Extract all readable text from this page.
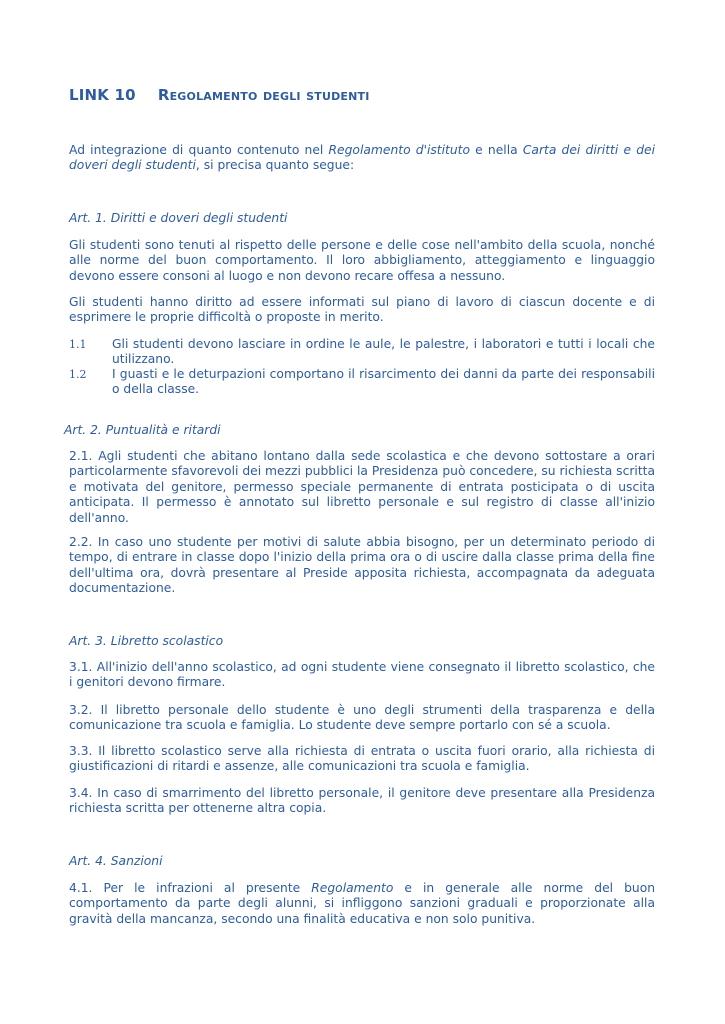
LINK 10 Regolamento degli studenti

Ad integrazione di quanto contenuto nel Regolamento d'istituto e nella Carta dei diritti e dei doveri degli studenti, si precisa quanto segue:

Art. 1. Diritti e doveri degli studenti

Gli studenti sono tenuti al rispetto delle persone e delle cose nell'ambito della scuola, nonché alle norme del buon comportamento. Il loro abbigliamento, atteggiamento e linguaggio devono essere consoni al luogo e non devono recare offesa a nessuno.

Gli studenti hanno diritto ad essere informati sul piano di lavoro di ciascun docente e di esprimere le proprie difficoltà o proposte in merito.

1.1 Gli studenti devono lasciare in ordine le aule, le palestre, i laboratori e tutti i locali che utilizzano.
1.2 I guasti e le deturpazioni comportano il risarcimento dei danni da parte dei responsabili o della classe.
Art. 2. Puntualità e ritardi

2.1. Agli studenti che abitano lontano dalla sede scolastica e che devono sottostare a orari particolarmente sfavorevoli dei mezzi pubblici la Presidenza può concedere, su richiesta scritta e motivata del genitore, permesso speciale permanente di entrata posticipata o di uscita anticipata. Il permesso è annotato sul libretto personale e sul registro di classe all'inizio dell'anno.

2.2. In caso uno studente per motivi di salute abbia bisogno, per un determinato periodo di tempo, di entrare in classe dopo l'inizio della prima ora o di uscire dalla classe prima della fine dell'ultima ora, dovrà presentare al Preside apposita richiesta, accompagnata da adeguata documentazione.

Art. 3. Libretto scolastico

3.1. All'inizio dell'anno scolastico, ad ogni studente viene consegnato il libretto scolastico, che i genitori devono firmare.

3.2. Il libretto personale dello studente è uno degli strumenti della trasparenza e della comunicazione tra scuola e famiglia. Lo studente deve sempre portarlo con sé a scuola.

3.3. Il libretto scolastico serve alla richiesta di entrata o uscita fuori orario, alla richiesta di giustificazioni di ritardi e assenze, alle comunicazioni tra scuola e famiglia.

3.4. In caso di smarrimento del libretto personale, il genitore deve presentare alla Presidenza richiesta scritta per ottenerne altra copia.

Art. 4. Sanzioni

4.1. Per le infrazioni al presente Regolamento e in generale alle norme del buon comportamento da parte degli alunni, si infliggono sanzioni graduali e proporzionate alla gravità della mancanza, secondo una finalità educativa e non solo punitiva.
